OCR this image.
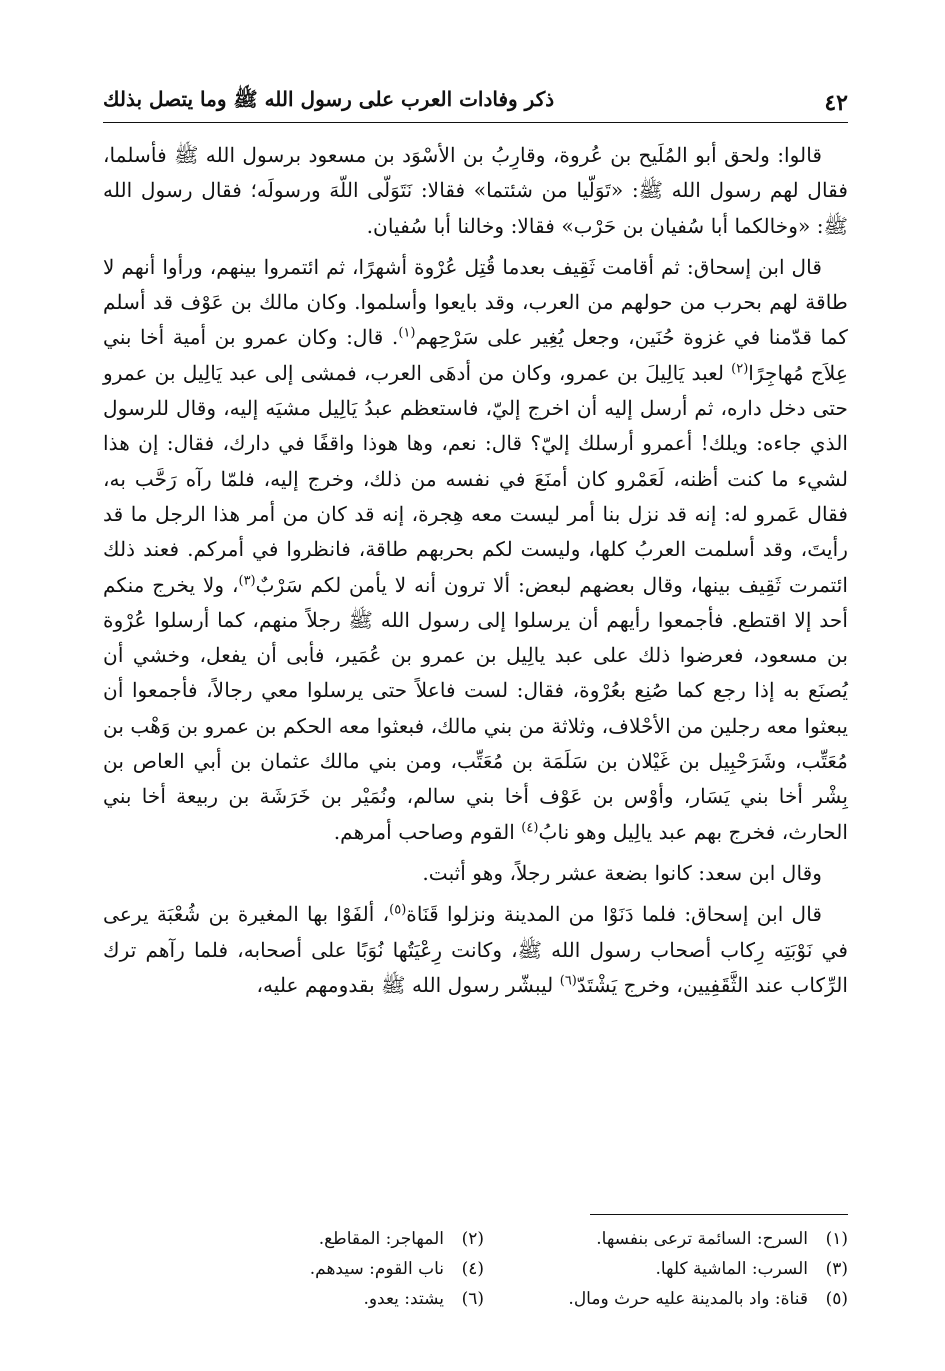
٤٢
ذكر وفادات العرب على رسول الله ﷺ وما يتصل بذلك

قالوا: ولحق أبو المُلَيح بن عُروة، وقارِبُ بن الأسْوَد بن مسعود برسول الله ﷺ فأسلما، فقال لهم رسول الله ﷺ: «تَوَلّيا من شئتما» فقالا: نَتَوَلّى اللّهَ ورسولَه؛ فقال رسول الله ﷺ: «وخالكما أبا سُفيان بن حَرْب» فقالا: وخالنا أبا سُفيان.

قال ابن إسحاق: ثم أقامت ثَقِيف بعدما قُتِل عُرْوة أشهرًا، ثم ائتمروا بينهم، ورأوا أنهم لا طاقة لهم بحرب من حولهم من العرب، وقد بايعوا وأسلموا. وكان مالك بن عَوْف قد أسلم كما قدّمنا في غزوة حُنَين، وجعل يُغِير على سَرْحِهم$^{(١)}$. قال: وكان عمرو بن أمية أخا بني عِلاَج مُهاجِرًا$^{(٢)}$ لعبد يَالِيلَ بن عمرو، وكان من أدهَى العرب، فمشى إلى عبد يَالِيل بن عمرو حتى دخل داره، ثم أرسل إليه أن اخرج إليّ، فاستعظم عبدُ يَالِيل مشيَه إليه، وقال للرسول الذي جاءه: ويلك! أعمرو أرسلك إليّ؟ قال: نعم، وها هوذا واقفًا في دارك، فقال: إن هذا لشيء ما كنت أظنه، لَعَمْرو كان أمنَعَ في نفسه من ذلك، وخرج إليه، فلمّا رآه رَحَّب به، فقال عَمرو له: إنه قد نزل بنا أمر ليست معه هِجرة، إنه قد كان من أمر هذا الرجل ما قد رأيتَ، وقد أسلمت العربُ كلها، وليست لكم بحربهم طاقة، فانظروا في أمركم. فعند ذلك ائتمرت ثَقِيف بينها، وقال بعضهم لبعض: ألا ترون أنه لا يأمن لكم سَرْبٌ$^{(٣)}$، ولا يخرج منكم أحد إلا اقتطع. فأجمعوا رأيهم أن يرسلوا إلى رسول الله ﷺ رجلاً منهم، كما أرسلوا عُرْوة بن مسعود، فعرضوا ذلك على عبد يالِيل بن عمرو بن عُمَير، فأبى أن يفعل، وخشي أن يُصنَع به إذا رجع كما صُنِع بعُرْوة، فقال: لست فاعلاً حتى يرسلوا معي رجالاً، فأجمعوا أن يبعثوا معه رجلين من الأحْلاف، وثلاثة من بني مالك، فبعثوا معه الحكم بن عمرو بن وَهْب بن مُعَتِّب، وشَرَحْبِيل بن غَيْلان بن سَلَمَة بن مُعَتِّب، ومن بني مالك عثمان بن أبي العاص بن بِشْر أخا بني يَسَار، وأوْس بن عَوْف أخا بني سالم، ونُمَيْر بن خَرَشَة بن ربيعة أخا بني الحارث، فخرج بهم عبد يالِيل وهو نابُ$^{(٤)}$ القوم وصاحب أمرهم.

وقال ابن سعد: كانوا بضعة عشر رجلاً، وهو أثبت.

قال ابن إسحاق: فلما دَنَوْا من المدينة ونزلوا قَنَاة$^{(٥)}$، ألفَوْا بها المغيرة بن شُعْبَة يرعى في نَوْبَتِه رِكاب أصحاب رسول الله ﷺ، وكانت رِعْيَتُها نُوَبًا على أصحابه، فلما رآهم ترك الرِّكاب عند الثَّقَفِيين، وخرج يَشْتَدّ$^{(٦)}$ ليبشّر رسول الله ﷺ بقدومهم عليه،

(١)
السرح: السائمة ترعى بنفسها.
(٢)
المهاجر: المقاطع.
(٣)
السرب: الماشية كلها.
(٤)
ناب القوم: سيدهم.
(٥)
قناة: واد بالمدينة عليه حرث ومال.
(٦)
يشتد: يعدو.
